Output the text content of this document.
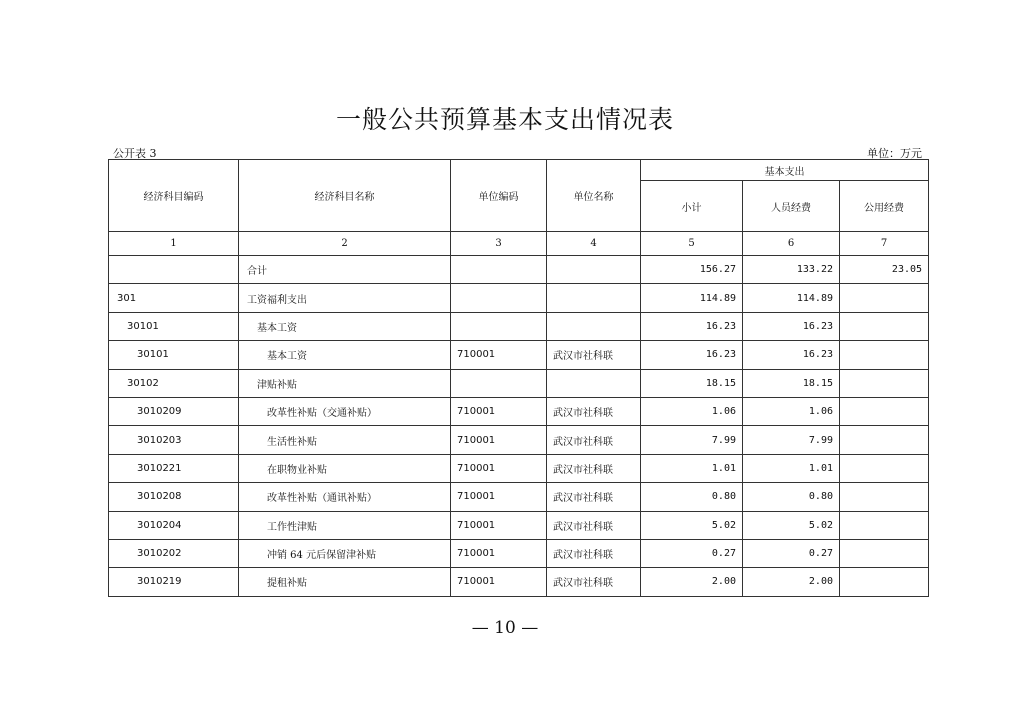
一般公共预算基本支出情况表
公开表 3	单位：万元
经济科目编码	经济科目名称	单位编码	单位名称	基本支出		
				小计	人员经费	公用经费
1	2	3	4	5	6	7
	合计			156.27	133.22	23.05
301	工资福利支出			114.89	114.89	
30101	基本工资			16.23	16.23	
30101	基本工资	710001	武汉市社科联	16.23	16.23	
30102	津贴补贴			18.15	18.15	
3010209	改革性补贴（交通补贴）	710001	武汉市社科联	1.06	1.06	
3010203	生活性补贴	710001	武汉市社科联	7.99	7.99	
3010221	在职物业补贴	710001	武汉市社科联	1.01	1.01	
3010208	改革性补贴（通讯补贴）	710001	武汉市社科联	0.80	0.80	
3010204	工作性津贴	710001	武汉市社科联	5.02	5.02	
3010202	冲销 64 元后保留津补贴	710001	武汉市社科联	0.27	0.27	
3010219	提租补贴	710001	武汉市社科联	2.00	2.00	
— 10 —
